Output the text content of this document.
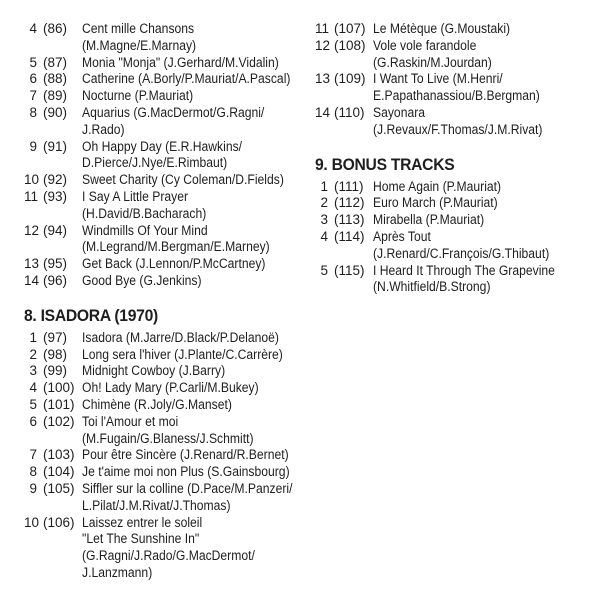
4 (86)	Cent mille Chansons
(M.Magne/E.Marnay)
5 (87)	Monia "Monja" (J.Gerhard/M.Vidalin)
6 (88)	Catherine (A.Borly/P.Mauriat/A.Pascal)
7 (89)	Nocturne (P.Mauriat)
8 (90)	Aquarius (G.MacDermot/G.Ragni/
J.Rado)
9 (91)	Oh Happy Day (E.R.Hawkins/
D.Pierce/J.Nye/E.Rimbaut)
10 (92)	Sweet Charity (Cy Coleman/D.Fields)
11 (93)	I Say A Little Prayer
(H.David/B.Bacharach)
12 (94)	Windmills Of Your Mind
(M.Legrand/M.Bergman/E.Marney)
13 (95)	Get Back (J.Lennon/P.McCartney)
14 (96)	Good Bye (G.Jenkins)
8. ISADORA (1970)
1 (97)	Isadora (M.Jarre/D.Black/P.Delanoë)
2 (98)	Long sera l'hiver (J.Plante/C.Carrère)
3 (99)	Midnight Cowboy (J.Barry)
4 (100) Oh! Lady Mary (P.Carli/M.Bukey)
5 (101) Chimène (R.Joly/G.Manset)
6 (102) Toi l'Amour et moi
(M.Fugain/G.Blaness/J.Schmitt)
7 (103) Pour être Sincère (J.Renard/R.Bernet)
8 (104) Je t'aime moi non Plus (S.Gainsbourg)
9 (105) Siffler sur la colline (D.Pace/M.Panzeri/
L.Pilat/J.M.Rivat/J.Thomas)
10 (106) Laissez entrer le soleil
"Let The Sunshine In"
(G.Ragni/J.Rado/G.MacDermot/
J.Lanzmann)
11 (107) Le Métèque (G.Moustaki)
12 (108) Vole vole farandole
(G.Raskin/M.Jourdan)
13 (109) I Want To Live (M.Henri/
E.Papathanassiou/B.Bergman)
14 (110) Sayonara
(J.Revaux/F.Thomas/J.M.Rivat)
9. BONUS TRACKS
1 (111) Home Again (P.Mauriat)
2 (112) Euro March (P.Mauriat)
3 (113) Mirabella (P.Mauriat)
4 (114) Après Tout
(J.Renard/C.François/G.Thibaut)
5 (115) I Heard It Through The Grapevine
(N.Whitfield/B.Strong)
